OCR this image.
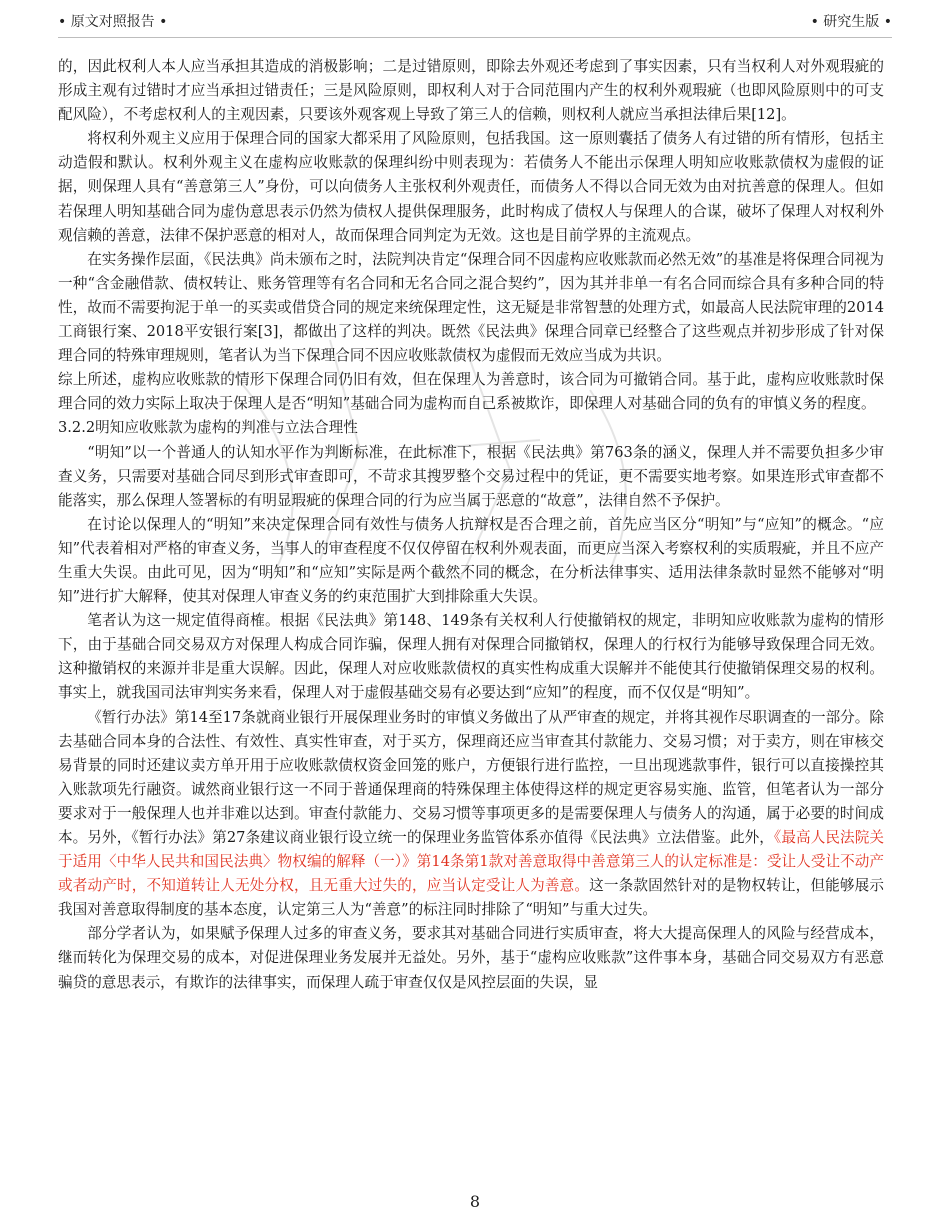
• 原文对照报告 •	• 研究生版 •

的，因此权利人本人应当承担其造成的消极影响；二是过错原则，即除去外观还考虑到了事实因素，只有当权利人对外观瑕疵的形成主观有过错时才应当承担过错责任；三是风险原则，即权利人对于合同范围内产生的权利外观瑕疵（也即风险原则中的可支配风险），不考虑权利人的主观因素，只要该外观客观上导致了第三人的信赖，则权利人就应当承担法律后果[12]。

将权利外观主义应用于保理合同的国家大都采用了风险原则，包括我国。这一原则囊括了债务人有过错的所有情形，包括主动造假和默认。权利外观主义在虚构应收账款的保理纠纷中则表现为：若债务人不能出示保理人明知应收账款债权为虚假的证据，则保理人具有“善意第三人”身份，可以向债务人主张权利外观责任，而债务人不得以合同无效为由对抗善意的保理人。但如若保理人明知基础合同为虚伪意思表示仍然为债权人提供保理服务，此时构成了债权人与保理人的合谋，破坏了保理人对权利外观信赖的善意，法律不保护恶意的相对人，故而保理合同判定为无效。这也是目前学界的主流观点。

在实务操作层面，《民法典》尚未颁布之时，法院判决肯定“保理合同不因虚构应收账款而必然无效”的基准是将保理合同视为一种“含金融借款、债权转让、账务管理等有名合同和无名合同之混合契约”，因为其并非单一有名合同而综合具有多种合同的特性，故而不需要拘泥于单一的买卖或借贷合同的规定来统保理定性，这无疑是非常智慧的处理方式，如最高人民法院审理的2014工商银行案、2018平安银行案[3]，都做出了这样的判决。既然《民法典》保理合同章已经整合了这些观点并初步形成了针对保理合同的特殊审理规则，笔者认为当下保理合同不因应收账款债权为虚假而无效应当成为共识。

综上所述，虚构应收账款的情形下保理合同仍旧有效，但在保理人为善意时，该合同为可撤销合同。基于此，虚构应收账款时保理合同的效力实际上取决于保理人是否“明知”基础合同为虚构而自己系被欺诈，即保理人对基础合同的负有的审慎义务的程度。

3.2.2明知应收账款为虚构的判准与立法合理性

“明知”以一个普通人的认知水平作为判断标准，在此标准下，根据《民法典》第763条的涵义，保理人并不需要负担多少审查义务，只需要对基础合同尽到形式审查即可，不苛求其搜罗整个交易过程中的凭证，更不需要实地考察。如果连形式审查都不能落实，那么保理人签署标的有明显瑕疵的保理合同的行为应当属于恶意的“故意”，法律自然不予保护。

在讨论以保理人的“明知”来决定保理合同有效性与债务人抗辩权是否合理之前，首先应当区分“明知”与“应知”的概念。“应知”代表着相对严格的审查义务，当事人的审查程度不仅仅停留在权利外观表面，而更应当深入考察权利的实质瑕疵，并且不应产生重大失误。由此可见，因为“明知”和“应知”实际是两个截然不同的概念，在分析法律事实、适用法律条款时显然不能够对“明知”进行扩大解释，使其对保理人审查义务的约束范围扩大到排除重大失误。

笔者认为这一规定值得商榷。根据《民法典》第148、149条有关权利人行使撤销权的规定，非明知应收账款为虚构的情形下，由于基础合同交易双方对保理人构成合同诈骗，保理人拥有对保理合同撤销权，保理人的行权行为能够导致保理合同无效。这种撤销权的来源并非是重大误解。因此，保理人对应收账款债权的真实性构成重大误解并不能使其行使撤销保理交易的权利。事实上，就我国司法审判实务来看，保理人对于虚假基础交易有必要达到“应知”的程度，而不仅仅是“明知”。

《暂行办法》第14至17条就商业银行开展保理业务时的审慎义务做出了从严审查的规定，并将其视作尽职调查的一部分。除去基础合同本身的合法性、有效性、真实性审查，对于买方，保理商还应当审查其付款能力、交易习惯；对于卖方，则在审核交易背景的同时还建议卖方单开用于应收账款债权资金回笼的账户，方便银行进行监控，一旦出现逃款事件，银行可以直接操控其入账款项先行融资。诚然商业银行这一不同于普通保理商的特殊保理主体使得这样的规定更容易实施、监管，但笔者认为一部分要求对于一般保理人也并非难以达到。审查付款能力、交易习惯等事项更多的是需要保理人与债务人的沟通，属于必要的时间成本。另外，《暂行办法》第27条建议商业银行设立统一的保理业务监管体系亦值得《民法典》立法借鉴。此外，《最高人民法院关于适用〈中华人民共和国民法典〉物权编的解释（一）》第14条第1款对善意取得中善意第三人的认定标准是：受让人受让不动产或者动产时，不知道转让人无处分权，且无重大过失的，应当认定受让人为善意。这一条款固然针对的是物权转让，但能够展示我国对善意取得制度的基本态度，认定第三人为“善意”的标注同时排除了“明知”与重大过失。

部分学者认为，如果赋予保理人过多的审查义务，要求其对基础合同进行实质审查，将大大提高保理人的风险与经营成本，继而转化为保理交易的成本，对促进保理业务发展并无益处。另外，基于“虚构应收账款”这件事本身，基础合同交易双方有恶意骗贷的意思表示，有欺诈的法律事实，而保理人疏于审查仅仅是风控层面的失误，显

8
